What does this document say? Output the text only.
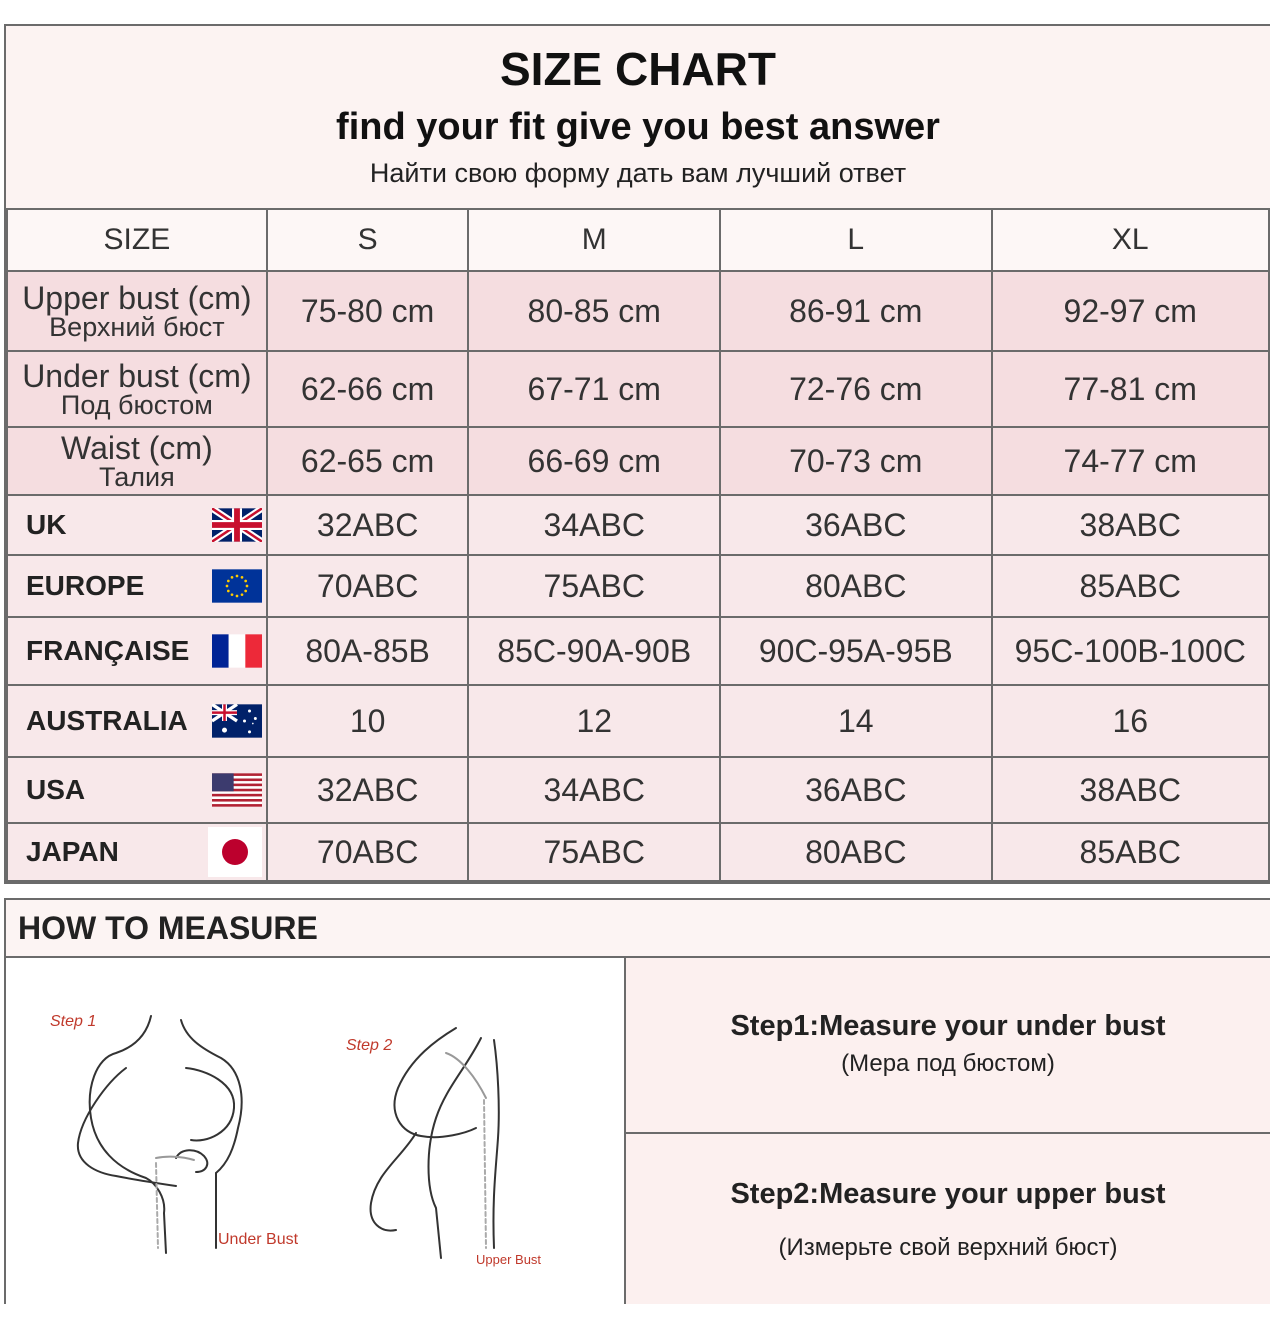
SIZE CHART
find your fit give you best answer
Найти свою форму дать вам лучший ответ
SIZE	S	M	L	XL
Upper bust (cm)
Верхний бюст	75-80 cm	80-85 cm	86-91 cm	92-97 cm
Under bust (cm)
Под бюстом	62-66 cm	67-71 cm	72-76 cm	77-81 cm
Waist (cm)
Талия	62-65 cm	66-69 cm	70-73 cm	74-77 cm
UK	32ABC	34ABC	36ABC	38ABC
EUROPE	70ABC	75ABC	80ABC	85ABC
FRANÇAISE	80A-85B	85C-90A-90B	90C-95A-95B	95C-100B-100C
AUSTRALIA	10	12	14	16
USA	32ABC	34ABC	36ABC	38ABC
JAPAN	70ABC	75ABC	80ABC	85ABC
HOW TO MEASURE
Step 1
Step 2
Under Bust
Upper Bust
Step1:Measure your under bust
(Мера под бюстом)
Step2:Measure your upper bust
(Измерьте свой верхний бюст)
